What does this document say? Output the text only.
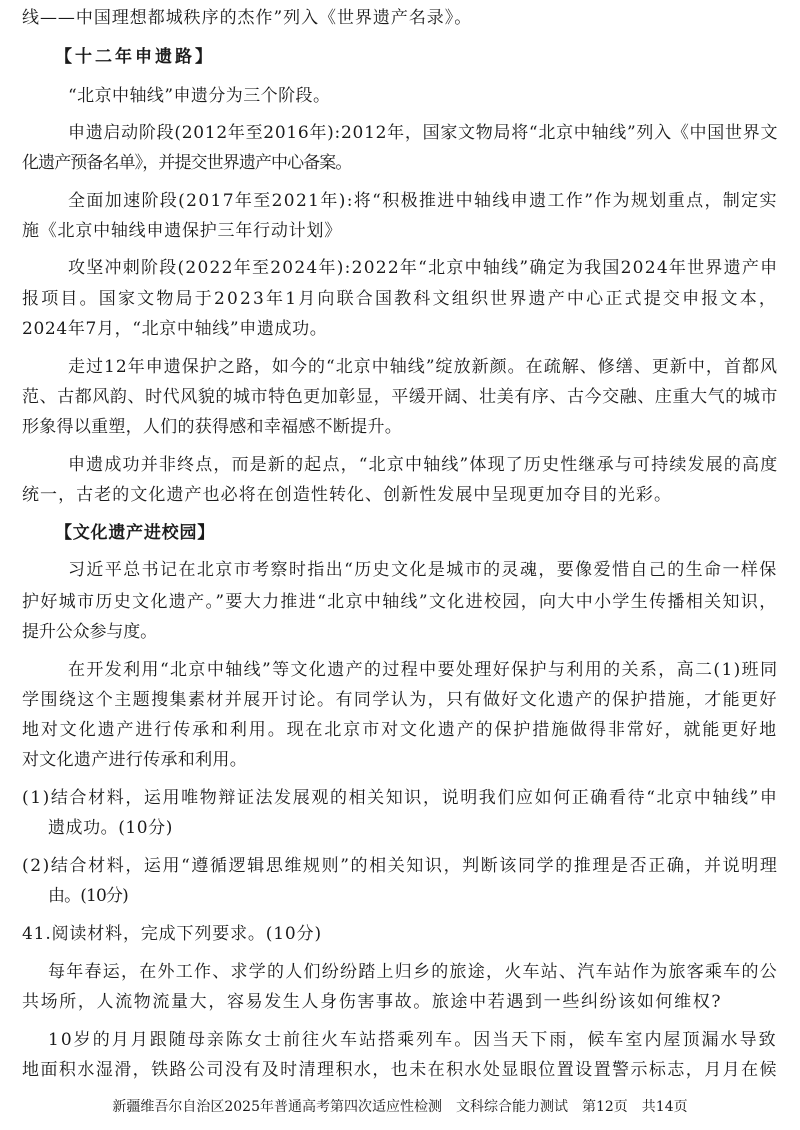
线——中国理想都城秩序的杰作”列入《世界遗产名录》。
【十二年申遗路】
“北京中轴线”申遗分为三个阶段。
申遗启动阶段(2012年至2016年):2012年，国家文物局将“北京中轴线”列入《中国世界文
化遗产预备名单》，并提交世界遗产中心备案。
全面加速阶段(2017年至2021年):将“积极推进中轴线申遗工作”作为规划重点，制定实
施《北京中轴线申遗保护三年行动计划》
攻坚冲刺阶段(2022年至2024年):2022年“北京中轴线”确定为我国2024年世界遗产申
报项目。国家文物局于2023年1月向联合国教科文组织世界遗产中心正式提交申报文本，
2024年7月，“北京中轴线”申遗成功。
走过12年申遗保护之路，如今的“北京中轴线”绽放新颜。在疏解、修缮、更新中，首都风
范、古都风韵、时代风貌的城市特色更加彰显，平缓开阔、壮美有序、古今交融、庄重大气的城市
形象得以重塑，人们的获得感和幸福感不断提升。
申遗成功并非终点，而是新的起点，“北京中轴线”体现了历史性继承与可持续发展的高度
统一，古老的文化遗产也必将在创造性转化、创新性发展中呈现更加夺目的光彩。
【文化遗产进校园】
习近平总书记在北京市考察时指出“历史文化是城市的灵魂，要像爱惜自己的生命一样保
护好城市历史文化遗产。”要大力推进“北京中轴线”文化进校园，向大中小学生传播相关知识，
提升公众参与度。
在开发利用“北京中轴线”等文化遗产的过程中要处理好保护与利用的关系，高二(1)班同
学围绕这个主题搜集素材并展开讨论。有同学认为，只有做好文化遗产的保护措施，才能更好
地对文化遗产进行传承和利用。现在北京市对文化遗产的保护措施做得非常好，就能更好地
对文化遗产进行传承和利用。
(1)结合材料，运用唯物辩证法发展观的相关知识，说明我们应如何正确看待“北京中轴线”申
遗成功。(10分)
(2)结合材料，运用“遵循逻辑思维规则”的相关知识，判断该同学的推理是否正确，并说明理
由。(10分)
41.阅读材料，完成下列要求。(10分)
每年春运，在外工作、求学的人们纷纷踏上归乡的旅途，火车站、汽车站作为旅客乘车的公
共场所，人流物流量大，容易发生人身伤害事故。旅途中若遇到一些纠纷该如何维权?
10岁的月月跟随母亲陈女士前往火车站搭乘列车。因当天下雨，候车室内屋顶漏水导致
地面积水湿滑，铁路公司没有及时清理积水，也未在积水处显眼位置设置警示标志，月月在候
新疆维吾尔自治区2025年普通高考第四次适应性检测　文科综合能力测试　第12页　共14页
